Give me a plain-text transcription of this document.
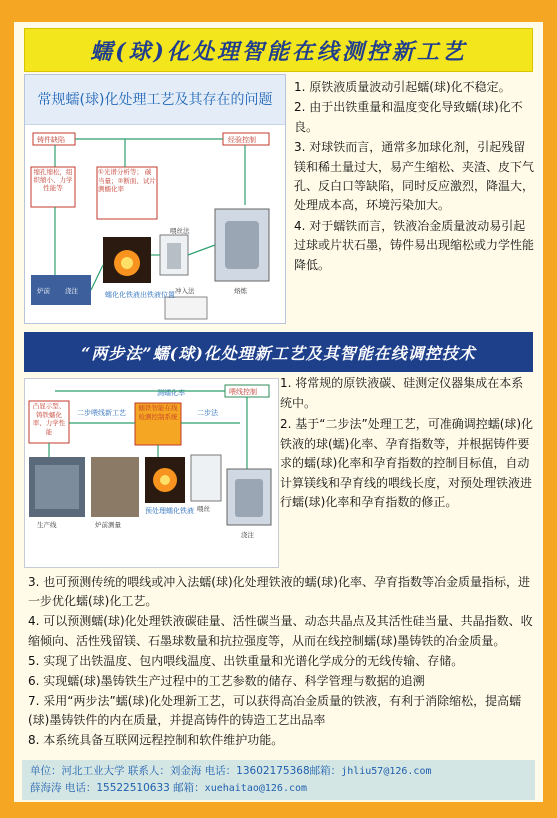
蠕(球)化处理智能在线测控新工艺
常规蠕(球)化处理工艺及其存在的问题
铸件缺陷	经验控制
缩孔缩松，组织缩小、力学性能等
①光谱分析等； 碳当量；②断面、试片测蠕化率
喂丝法
冲入法	熔炼
蠕化化铁液出铁液位置
炉前 浇注

1. 原铁液质量波动引起蠕(球)化不稳定。

2. 由于出铁重量和温度变化导致蠕(球)化不良。

3. 对球铁而言，通常多加球化剂，引起残留镁和稀土量过大，易产生缩松、夹渣、皮下气孔、反白口等缺陷，同时反应激烈，降温大，处理成本高，环境污染加大。

4. 对于蠕铁而言，铁液冶金质量波动易引起过球或片状石墨，铸件易出现缩松或力学性能降低。

“两步法”蠕(球)化处理新工艺及其智能在线调控技术
喂线控制
测蠕化率
凸显示型、铸铁蠕化率、力学性能
二步喂线新工艺
蠕铁智能在线检测控制系统	二步法
生产线	炉前测量
预处理蠕化铁液 喂丝
浇注

1. 将常规的原铁液碳、硅测定仪器集成在本系统中。

2. 基于“二步法”处理工艺，可准确调控蠕(球)化铁液的球(蠕)化率、孕育指数等，并根据铸件要求的蠕(球)化率和孕育指数的控制目标值，自动计算镁线和孕育线的喂线长度，对预处理铁液进行蠕(球)化率和孕育指数的修正。

3. 也可预测传统的喂线或冲入法蠕(球)化处理铁液的蠕(球)化率、孕育指数等冶金质量指标，进一步优化蠕(球)化工艺。

4. 可以预测蠕(球)化处理铁液碳硅量、活性碳当量、动态共晶点及其活性硅当量、共晶指数、收缩倾向、活性残留镁、石墨球数量和抗拉强度等，从而在线控制蠕(球)墨铸铁的冶金质量。

5. 实现了出铁温度、包内喂线温度、出铁重量和光谱化学成分的无线传输、存储。

6. 实现蠕(球)墨铸铁生产过程中的工艺参数的储存、科学管理与数据的追溯

7. 采用“两步法”蠕(球)化处理新工艺，可以获得高冶金质量的铁液，有利于消除缩松，提高蠕(球)墨铸铁件的内在质量，并提高铸件的铸造工艺出品率

8. 本系统具备互联网远程控制和软件维护功能。

单位：河北工业大学 联系人：刘金海 电话：13602175368邮箱：jhliu57@126.com
薛海涛 电话：15522510633 邮箱：xuehaitao@126.com
